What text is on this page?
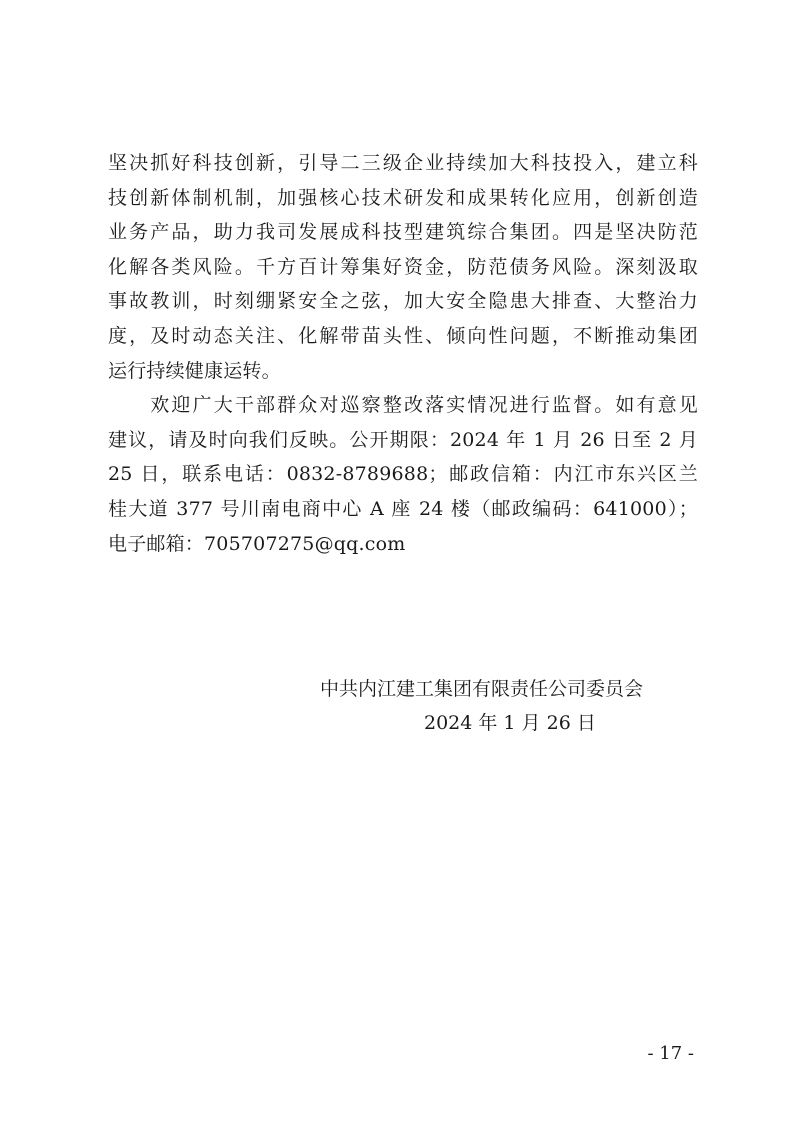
坚决抓好科技创新，引导二三级企业持续加大科技投入，建立科
技创新体制机制，加强核心技术研发和成果转化应用，创新创造
业务产品，助力我司发展成科技型建筑综合集团。四是坚决防范
化解各类风险。千方百计筹集好资金，防范债务风险。深刻汲取
事故教训，时刻绷紧安全之弦，加大安全隐患大排查、大整治力
度，及时动态关注、化解带苗头性、倾向性问题，不断推动集团
运行持续健康运转。
　　欢迎广大干部群众对巡察整改落实情况进行监督。如有意见
建议，请及时向我们反映。公开期限：2024 年 1 月 26 日至 2 月
25 日，联系电话：0832-8789688；邮政信箱：内江市东兴区兰
桂大道 377 号川南电商中心 A 座 24 楼（邮政编码：641000）；
电子邮箱：705707275@qq.com
中共内江建工集团有限责任公司委员会
2024 年 1 月 26 日
- 17 -
